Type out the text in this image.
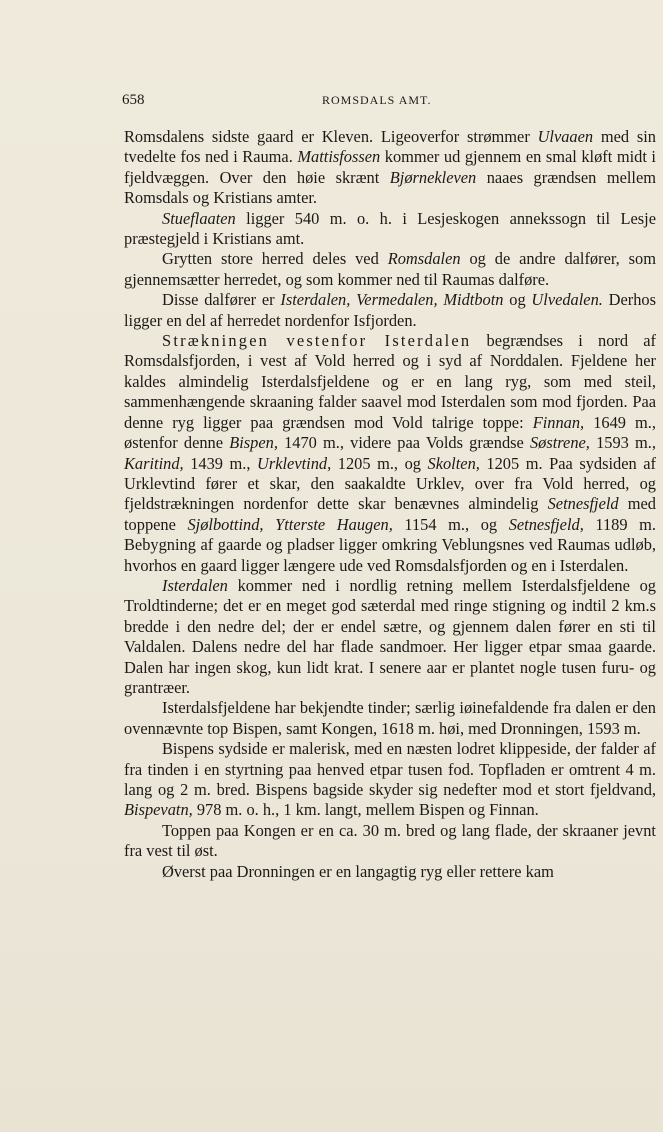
658	ROMSDALS AMT.

Romsdalens sidste gaard er Kleven. Ligeoverfor strømmer Ulvaaen med sin tvedelte fos ned i Rauma. Mattisfossen kommer ud gjennem en smal kløft midt i fjeldvæggen. Over den høie skrænt Bjørnekleven naaes grændsen mellem Romsdals og Kristians amter.

Stueflaaten ligger 540 m. o. h. i Lesjeskogen annekssogn til Lesje præstegjeld i Kristians amt.

Grytten store herred deles ved Romsdalen og de andre dalfører, som gjennemsætter herredet, og som kommer ned til Raumas dalføre.

Disse dalfører er Isterdalen, Vermedalen, Midtbotn og Ulvedalen. Derhos ligger en del af herredet nordenfor Isfjorden.

Strækningen vestenfor Isterdalen begrændses i nord af Romsdalsfjorden, i vest af Vold herred og i syd af Norddalen. Fjeldene her kaldes almindelig Isterdalsfjeldene og er en lang ryg, som med steil, sammenhængende skraaning falder saavel mod Isterdalen som mod fjorden. Paa denne ryg ligger paa grændsen mod Vold talrige toppe: Finnan, 1649 m., østenfor denne Bispen, 1470 m., videre paa Volds grændse Søstrene, 1593 m., Karitind, 1439 m., Urklevtind, 1205 m., og Skolten, 1205 m. Paa sydsiden af Urklevtind fører et skar, den saakaldte Urklev, over fra Vold herred, og fjeldstrækningen nordenfor dette skar benævnes almindelig Setnesfjeld med toppene Sjølbottind, Ytterste Haugen, 1154 m., og Setnesfjeld, 1189 m. Bebygning af gaarde og pladser ligger omkring Veblungsnes ved Raumas udløb, hvorhos en gaard ligger længere ude ved Romsdalsfjorden og en i Isterdalen.

Isterdalen kommer ned i nordlig retning mellem Isterdalsfjeldene og Troldtinderne; det er en meget god sæterdal med ringe stigning og indtil 2 km.s bredde i den nedre del; der er endel sætre, og gjennem dalen fører en sti til Valdalen. Dalens nedre del har flade sandmoer. Her ligger etpar smaa gaarde. Dalen har ingen skog, kun lidt krat. I senere aar er plantet nogle tusen furu- og grantræer.

Isterdalsfjeldene har bekjendte tinder; særlig iøinefaldende fra dalen er den ovennævnte top Bispen, samt Kongen, 1618 m. høi, med Dronningen, 1593 m.

Bispens sydside er malerisk, med en næsten lodret klippeside, der falder af fra tinden i en styrtning paa henved etpar tusen fod. Topfladen er omtrent 4 m. lang og 2 m. bred. Bispens bagside skyder sig nedefter mod et stort fjeldvand, Bispevatn, 978 m. o. h., 1 km. langt, mellem Bispen og Finnan.

Toppen paa Kongen er en ca. 30 m. bred og lang flade, der skraaner jevnt fra vest til øst.

Øverst paa Dronningen er en langagtig ryg eller rettere kam
